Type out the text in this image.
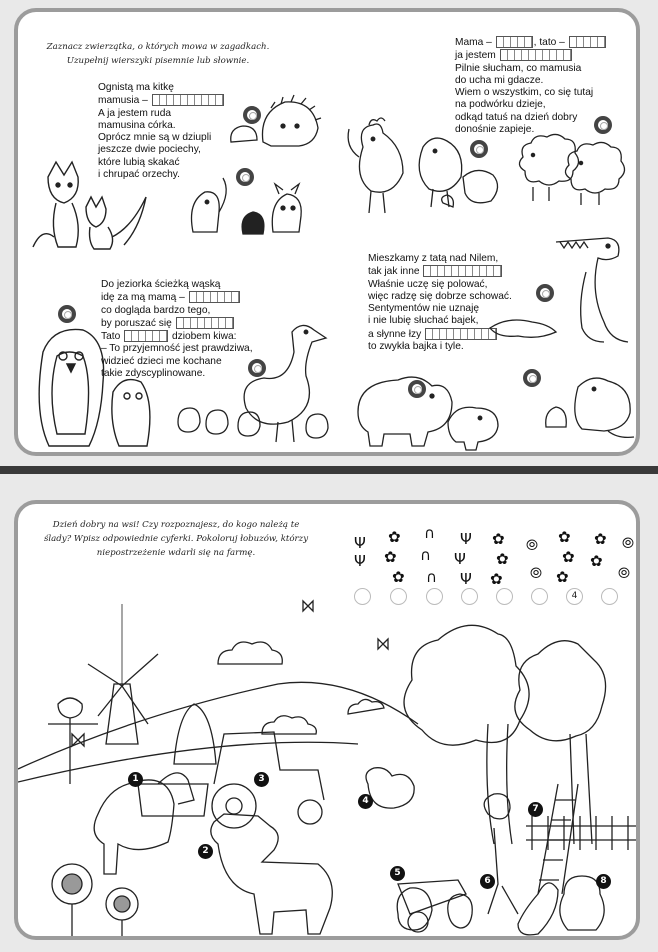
Zaznacz zwierzątka, o których mowa w zagadkach.
Uzupełnij wierszyki pisemnie lub słownie.
Ognistą ma kitkę
mamusia –
A ja jestem ruda
mamusina córka.
Oprócz mnie są w dziupli
jeszcze dwie pociechy,
które lubią skakać
i chrupać orzechy.
Mama –	, tato –
ja jestem
Pilnie słucham, co mamusia
do ucha mi gdacze.
Wiem o wszystkim, co się tutaj
na podwórku dzieje,
odkąd tatuś na dzień dobry
donośnie zapieje.
Do jeziorka ścieżką wąską
idę za mą mamą –
co dogląda bardzo tego,
by poruszać się
Tato	dziobem kiwa:
– To przyjemność jest prawdziwa,
widzieć dzieci me kochane
takie zdyscyplinowane.
Mieszkamy z tatą nad Nilem,
tak jak inne
Właśnie uczę się polować,
więc radzę się dobrze schować.
Sentymentów nie uznaję
i nie lubię słuchać bajek,
a słynne łzy
to zwykła bajka i tyle.
Dzień dobry na wsi! Czy rozpoznajesz, do kogo należą te
ślady? Wpisz odpowiednie cyferki. Pokoloruj łobuzów, którzy
niepostrzeżenie wdarli się na farmę.
Ψ
Ψ
✿
✿
✿
∩
∩
∩
Ψ
Ψ
Ψ
✿
✿
✿
⦾
⦾
✿
✿
✿
✿
✿
⦾
⦾
4
1
2
3
4
5
6
7
8
